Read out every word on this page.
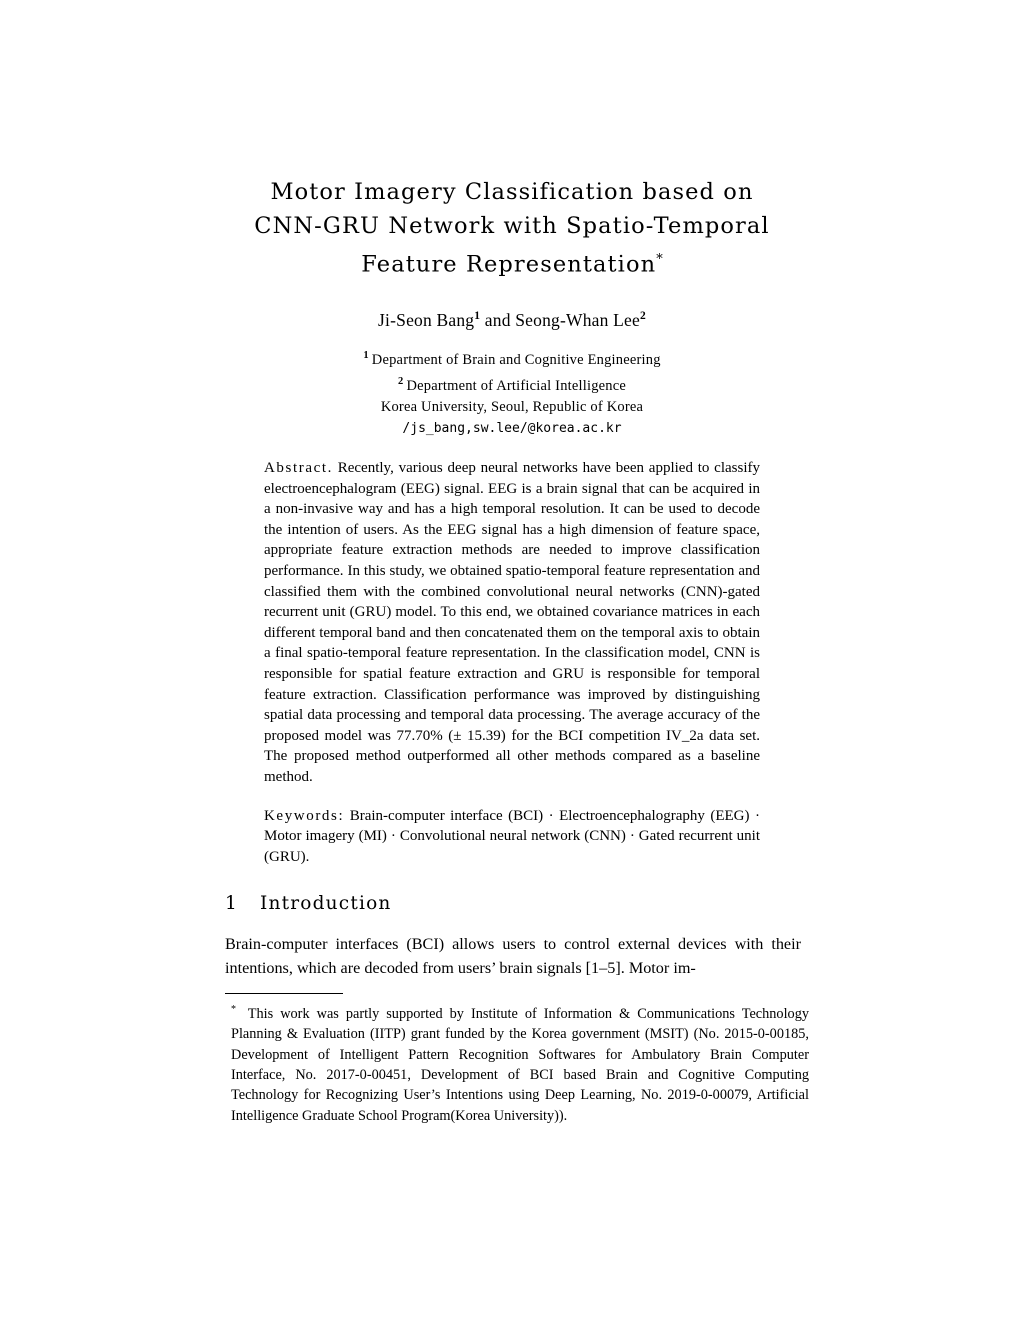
Motor Imagery Classification based on
CNN-GRU Network with Spatio-Temporal
Feature Representation*
Ji-Seon Bang$^1$ and Seong-Whan Lee$^2$
$^1$ Department of Brain and Cognitive Engineering
$^2$ Department of Artificial Intelligence
Korea University, Seoul, Republic of Korea
/js_bang,sw.lee/@korea.ac.kr

Abstract. Recently, various deep neural networks have been applied to classify electroencephalogram (EEG) signal. EEG is a brain signal that can be acquired in a non-invasive way and has a high temporal resolution. It can be used to decode the intention of users. As the EEG signal has a high dimension of feature space, appropriate feature extraction methods are needed to improve classification performance. In this study, we obtained spatio-temporal feature representation and classified them with the combined convolutional neural networks (CNN)-gated recurrent unit (GRU) model. To this end, we obtained covariance matrices in each different temporal band and then concatenated them on the temporal axis to obtain a final spatio-temporal feature representation. In the classification model, CNN is responsible for spatial feature extraction and GRU is responsible for temporal feature extraction. Classification performance was improved by distinguishing spatial data processing and temporal data processing. The average accuracy of the proposed model was 77.70% (± 15.39) for the BCI competition IV_2a data set. The proposed method outperformed all other methods compared as a baseline method.

Keywords: Brain-computer interface (BCI) · Electroencephalography (EEG) · Motor imagery (MI) · Convolutional neural network (CNN) · Gated recurrent unit (GRU).

1 Introduction
Brain-computer interfaces (BCI) allows users to control external devices with their intentions, which are decoded from users’ brain signals [1–5]. Motor im-
* This work was partly supported by Institute of Information & Communications Technology Planning & Evaluation (IITP) grant funded by the Korea government (MSIT) (No. 2015-0-00185, Development of Intelligent Pattern Recognition Softwares for Ambulatory Brain Computer Interface, No. 2017-0-00451, Development of BCI based Brain and Cognitive Computing Technology for Recognizing User’s Intentions using Deep Learning, No. 2019-0-00079, Artificial Intelligence Graduate School Program(Korea University)).
